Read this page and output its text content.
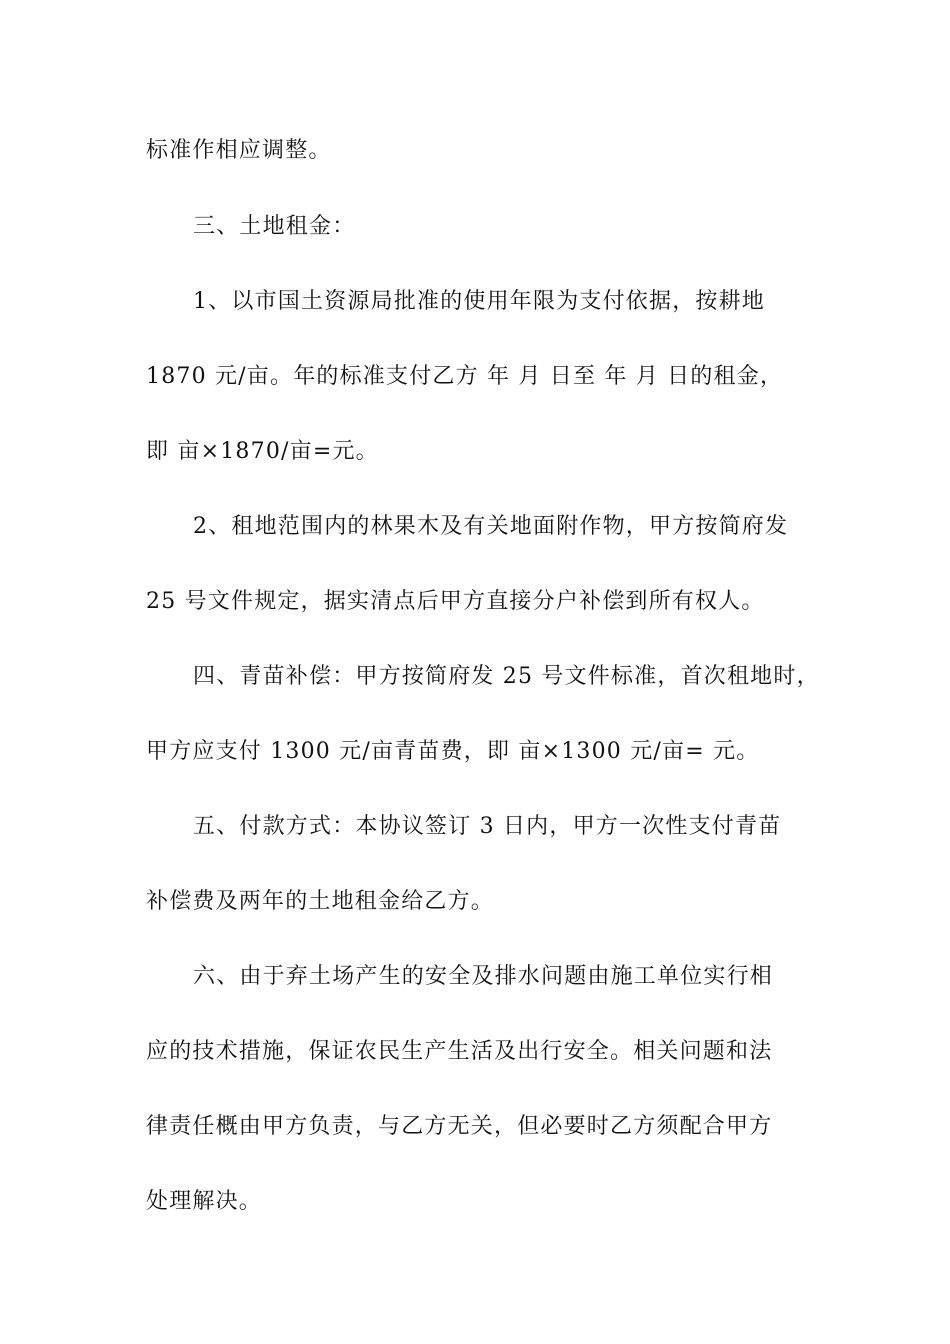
标准作相应调整。
三、土地租金：
1、以市国土资源局批准的使用年限为支付依据，按耕地
1870 元/亩。年的标准支付乙方 年 月 日至 年 月 日的租金，
即 亩×1870/亩=元。
2、租地范围内的林果木及有关地面附作物，甲方按简府发
25 号文件规定，据实清点后甲方直接分户补偿到所有权人。
四、青苗补偿：甲方按简府发 25 号文件标准，首次租地时，
甲方应支付 1300 元/亩青苗费，即 亩×1300 元/亩= 元。
五、付款方式：本协议签订 3 日内，甲方一次性支付青苗
补偿费及两年的土地租金给乙方。
六、由于弃土场产生的安全及排水问题由施工单位实行相
应的技术措施，保证农民生产生活及出行安全。相关问题和法
律责任概由甲方负责，与乙方无关，但必要时乙方须配合甲方
处理解决。
